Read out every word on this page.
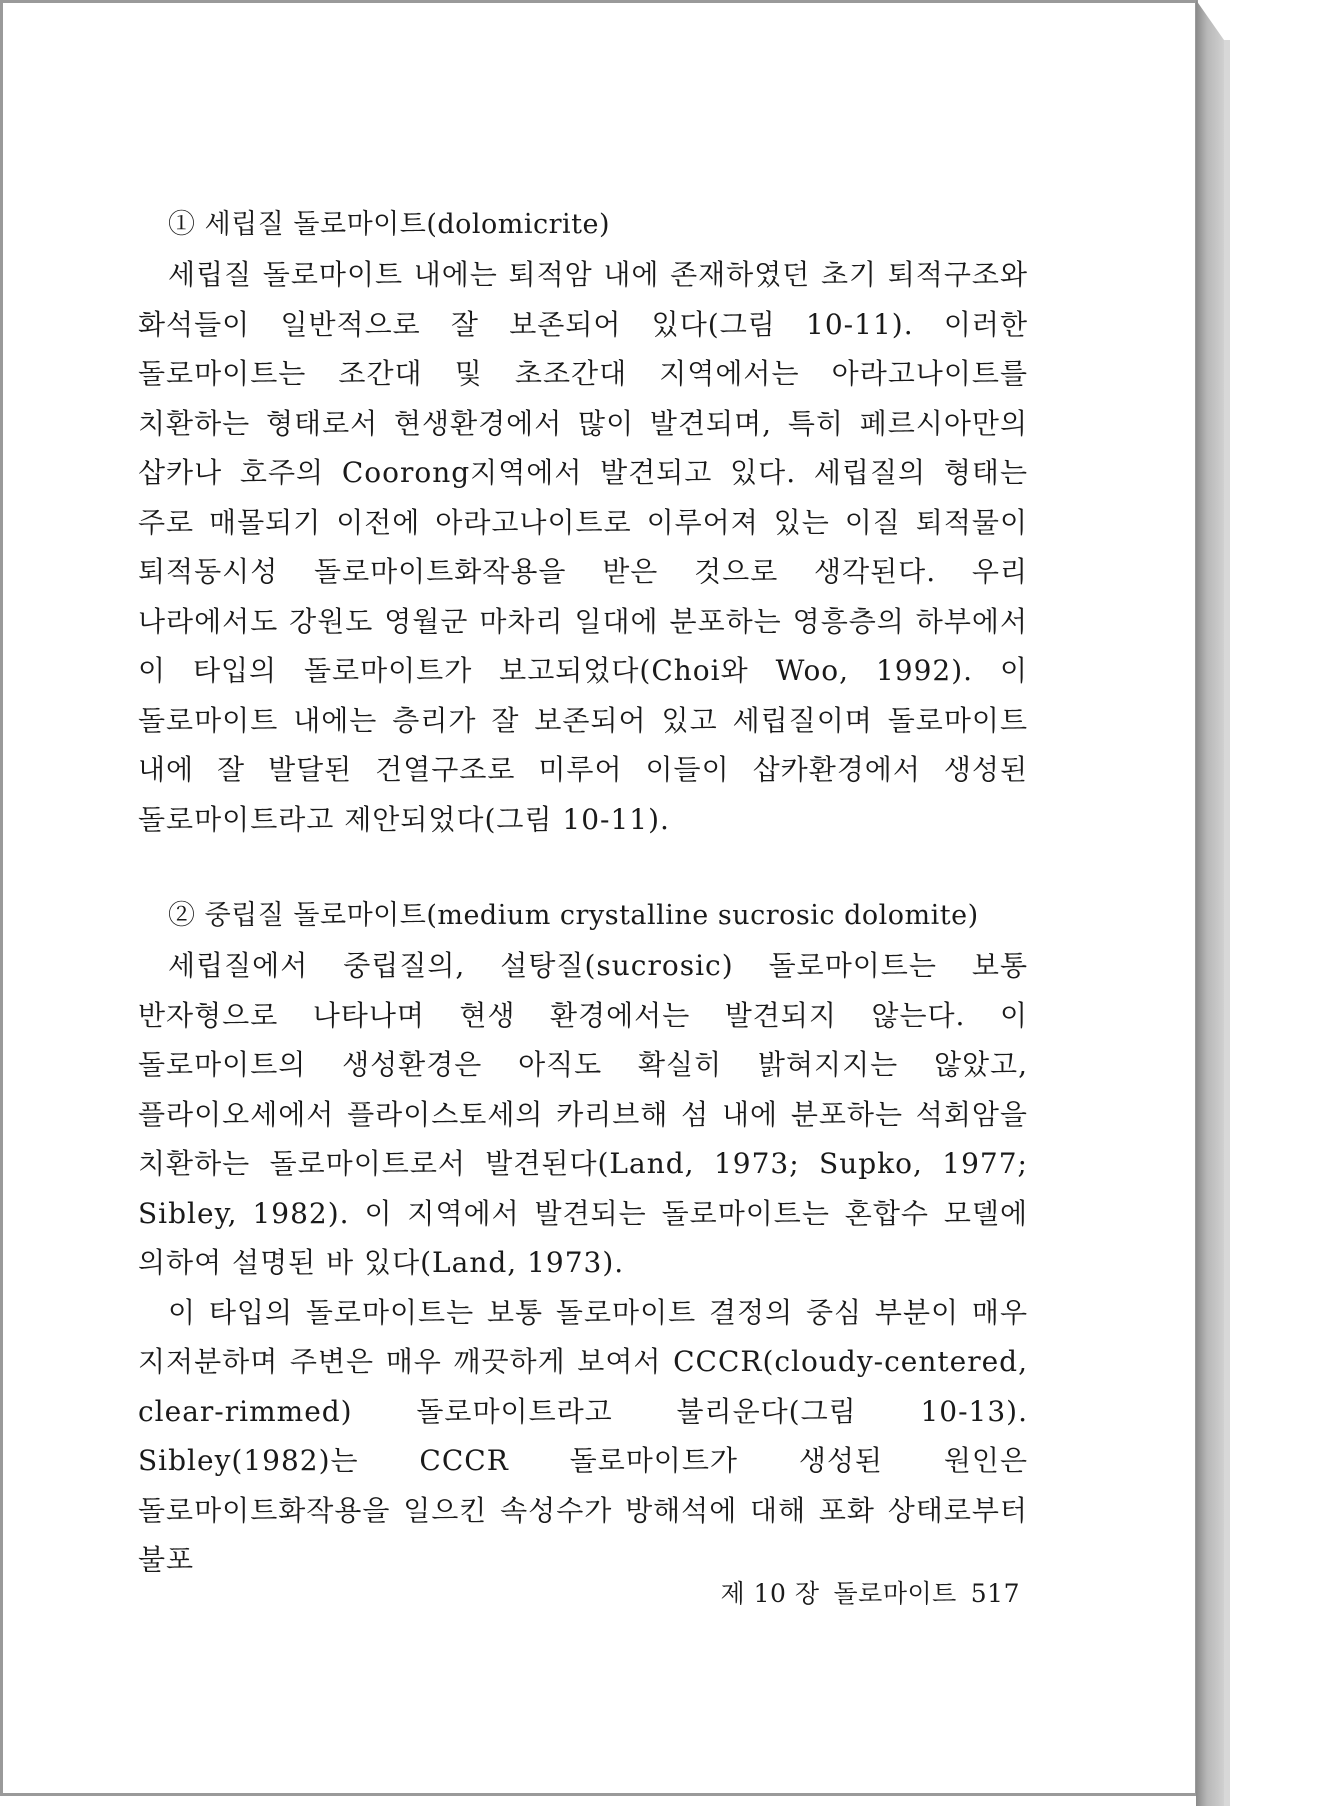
① 세립질 돌로마이트(dolomicrite)

세립질 돌로마이트 내에는 퇴적암 내에 존재하였던 초기 퇴적구조와 화석들이 일반적으로 잘 보존되어 있다(그림 10-11). 이러한 돌로마이트는 조간대 및 초조간대 지역에서는 아라고나이트를 치환하는 형태로서 현생환경에서 많이 발견되며, 특히 페르시아만의 삽카나 호주의 Coorong지역에서 발견되고 있다. 세립질의 형태는 주로 매몰되기 이전에 아라고나이트로 이루어져 있는 이질 퇴적물이 퇴적동시성 돌로마이트화작용을 받은 것으로 생각된다. 우리 나라에서도 강원도 영월군 마차리 일대에 분포하는 영흥층의 하부에서 이 타입의 돌로마이트가 보고되었다(Choi와 Woo, 1992). 이 돌로마이트 내에는 층리가 잘 보존되어 있고 세립질이며 돌로마이트 내에 잘 발달된 건열구조로 미루어 이들이 삽카환경에서 생성된 돌로마이트라고 제안되었다(그림 10-11).

② 중립질 돌로마이트(medium crystalline sucrosic dolomite)

세립질에서 중립질의, 설탕질(sucrosic) 돌로마이트는 보통 반자형으로 나타나며 현생 환경에서는 발견되지 않는다. 이 돌로마이트의 생성환경은 아직도 확실히 밝혀지지는 않았고, 플라이오세에서 플라이스토세의 카리브해 섬 내에 분포하는 석회암을 치환하는 돌로마이트로서 발견된다(Land, 1973; Supko, 1977; Sibley, 1982). 이 지역에서 발견되는 돌로마이트는 혼합수 모델에 의하여 설명된 바 있다(Land, 1973).

이 타입의 돌로마이트는 보통 돌로마이트 결정의 중심 부분이 매우 지저분하며 주변은 매우 깨끗하게 보여서 CCCR(cloudy-centered, clear-rimmed) 돌로마이트라고 불리운다(그림 10-13). Sibley(1982)는 CCCR 돌로마이트가 생성된 원인은 돌로마이트화작용을 일으킨 속성수가 방해석에 대해 포화 상태로부터 불포

제 10 장 돌로마이트 517
